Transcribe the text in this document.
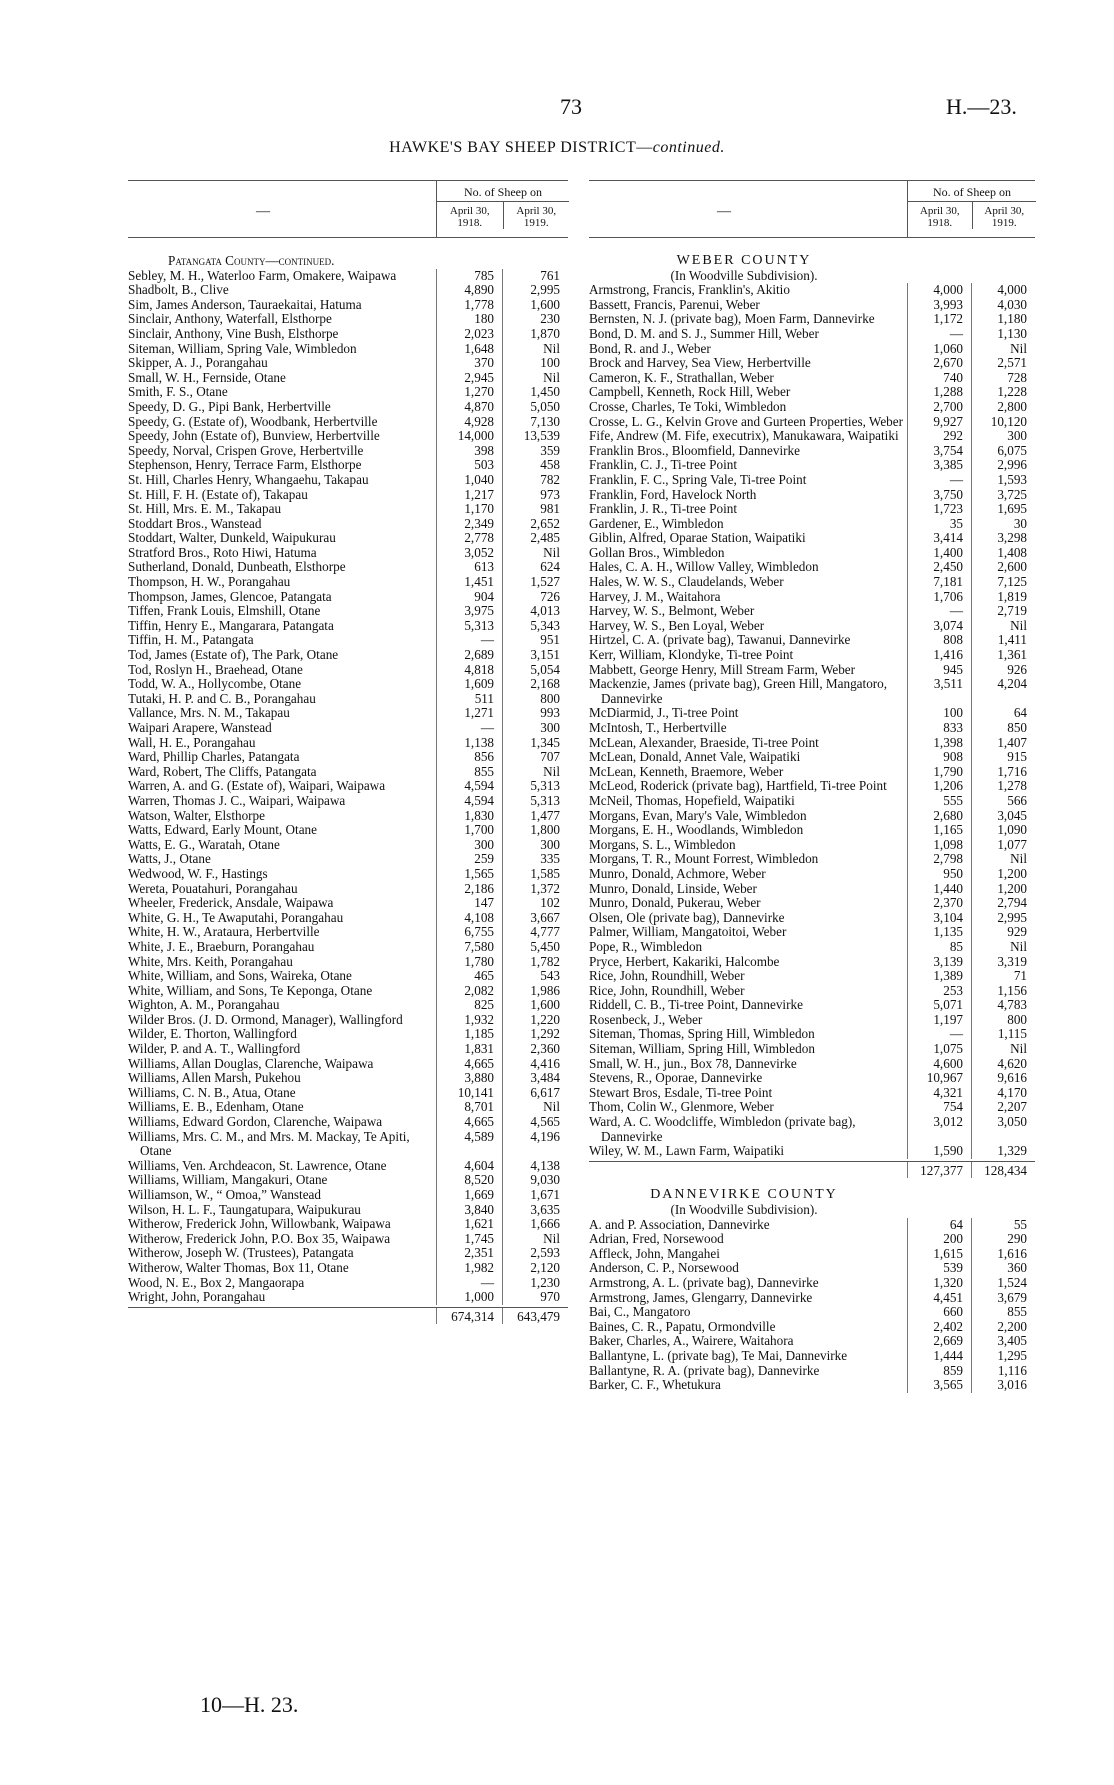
73	H.—23.
HAWKE'S BAY SHEEP DISTRICT—continued.
—
No. of Sheep on
April 30,
1918.
April 30,
1919.
Patangata County—continued.
Sebley, M. H., Waterloo Farm, Omakere, Waipawa	785	761
Shadbolt, B., Clive	4,890	2,995
Sim, James Anderson, Tauraekaitai, Hatuma	1,778	1,600
Sinclair, Anthony, Waterfall, Elsthorpe	180	230
Sinclair, Anthony, Vine Bush, Elsthorpe	2,023	1,870
Siteman, William, Spring Vale, Wimbledon	1,648	Nil
Skipper, A. J., Porangahau	370	100
Small, W. H., Fernside, Otane	2,945	Nil
Smith, F. S., Otane	1,270	1,450
Speedy, D. G., Pipi Bank, Herbertville	4,870	5,050
Speedy, G. (Estate of), Woodbank, Herbertville	4,928	7,130
Speedy, John (Estate of), Bunview, Herbertville	14,000	13,539
Speedy, Norval, Crispen Grove, Herbertville	398	359
Stephenson, Henry, Terrace Farm, Elsthorpe	503	458
St. Hill, Charles Henry, Whangaehu, Takapau	1,040	782
St. Hill, F. H. (Estate of), Takapau	1,217	973
St. Hill, Mrs. E. M., Takapau	1,170	981
Stoddart Bros., Wanstead	2,349	2,652
Stoddart, Walter, Dunkeld, Waipukurau	2,778	2,485
Stratford Bros., Roto Hiwi, Hatuma	3,052	Nil
Sutherland, Donald, Dunbeath, Elsthorpe	613	624
Thompson, H. W., Porangahau	1,451	1,527
Thompson, James, Glencoe, Patangata	904	726
Tiffen, Frank Louis, Elmshill, Otane	3,975	4,013
Tiffin, Henry E., Mangarara, Patangata	5,313	5,343
Tiffin, H. M., Patangata	—	951
Tod, James (Estate of), The Park, Otane	2,689	3,151
Tod, Roslyn H., Braehead, Otane	4,818	5,054
Todd, W. A., Hollycombe, Otane	1,609	2,168
Tutaki, H. P. and C. B., Porangahau	511	800
Vallance, Mrs. N. M., Takapau	1,271	993
Waipari Arapere, Wanstead	—	300
Wall, H. E., Porangahau	1,138	1,345
Ward, Phillip Charles, Patangata	856	707
Ward, Robert, The Cliffs, Patangata	855	Nil
Warren, A. and G. (Estate of), Waipari, Waipawa	4,594	5,313
Warren, Thomas J. C., Waipari, Waipawa	4,594	5,313
Watson, Walter, Elsthorpe	1,830	1,477
Watts, Edward, Early Mount, Otane	1,700	1,800
Watts, E. G., Waratah, Otane	300	300
Watts, J., Otane	259	335
Wedwood, W. F., Hastings	1,565	1,585
Wereta, Pouatahuri, Porangahau	2,186	1,372
Wheeler, Frederick, Ansdale, Waipawa	147	102
White, G. H., Te Awaputahi, Porangahau	4,108	3,667
White, H. W., Arataura, Herbertville	6,755	4,777
White, J. E., Braeburn, Porangahau	7,580	5,450
White, Mrs. Keith, Porangahau	1,780	1,782
White, William, and Sons, Waireka, Otane	465	543
White, William, and Sons, Te Keponga, Otane	2,082	1,986
Wighton, A. M., Porangahau	825	1,600
Wilder Bros. (J. D. Ormond, Manager), Wallingford	1,932	1,220
Wilder, E. Thorton, Wallingford	1,185	1,292
Wilder, P. and A. T., Wallingford	1,831	2,360
Williams, Allan Douglas, Clarenche, Waipawa	4,665	4,416
Williams, Allen Marsh, Pukehou	3,880	3,484
Williams, C. N. B., Atua, Otane	10,141	6,617
Williams, E. B., Edenham, Otane	8,701	Nil
Williams, Edward Gordon, Clarenche, Waipawa	4,665	4,565
Williams, Mrs. C. M., and Mrs. M. Mackay, Te Apiti, Otane
4,589	4,196
Williams, Ven. Archdeacon, St. Lawrence, Otane	4,604	4,138
Williams, William, Mangakuri, Otane	8,520	9,030
Williamson, W., “ Omoa,” Wanstead	1,669	1,671
Wilson, H. L. F., Taungatupara, Waipukurau	3,840	3,635
Witherow, Frederick John, Willowbank, Waipawa	1,621	1,666
Witherow, Frederick John, P.O. Box 35, Waipawa	1,745	Nil
Witherow, Joseph W. (Trustees), Patangata	2,351	2,593
Witherow, Walter Thomas, Box 11, Otane	1,982	2,120
Wood, N. E., Box 2, Mangaorapa	—	1,230
Wright, John, Porangahau	1,000	970
674,314	643,479
—
No. of Sheep on
April 30,
1918.
April 30,
1919.
WEBER COUNTY
(In Woodville Subdivision).
Armstrong, Francis, Franklin's, Akitio	4,000	4,000
Bassett, Francis, Parenui, Weber	3,993	4,030
Bernsten, N. J. (private bag), Moen Farm, Dannevirke	1,172	1,180
Bond, D. M. and S. J., Summer Hill, Weber	—	1,130
Bond, R. and J., Weber	1,060	Nil
Brock and Harvey, Sea View, Herbertville	2,670	2,571
Cameron, K. F., Strathallan, Weber	740	728
Campbell, Kenneth, Rock Hill, Weber	1,288	1,228
Crosse, Charles, Te Toki, Wimbledon	2,700	2,800
Crosse, L. G., Kelvin Grove and Gurteen Properties, Weber	9,927	10,120
Fife, Andrew (M. Fife, executrix), Manukawara, Waipatiki	292	300
Franklin Bros., Bloomfield, Dannevirke	3,754	6,075
Franklin, C. J., Ti-tree Point	3,385	2,996
Franklin, F. C., Spring Vale, Ti-tree Point	—	1,593
Franklin, Ford, Havelock North	3,750	3,725
Franklin, J. R., Ti-tree Point	1,723	1,695
Gardener, E., Wimbledon	35	30
Giblin, Alfred, Oparae Station, Waipatiki	3,414	3,298
Gollan Bros., Wimbledon	1,400	1,408
Hales, C. A. H., Willow Valley, Wimbledon	2,450	2,600
Hales, W. W. S., Claudelands, Weber	7,181	7,125
Harvey, J. M., Waitahora	1,706	1,819
Harvey, W. S., Belmont, Weber	—	2,719
Harvey, W. S., Ben Loyal, Weber	3,074	Nil
Hirtzel, C. A. (private bag), Tawanui, Dannevirke	808	1,411
Kerr, William, Klondyke, Ti-tree Point	1,416	1,361
Mabbett, George Henry, Mill Stream Farm, Weber	945	926
Mackenzie, James (private bag), Green Hill, Mangatoro, Dannevirke
3,511	4,204
McDiarmid, J., Ti-tree Point	100	64
McIntosh, T., Herbertville	833	850
McLean, Alexander, Braeside, Ti-tree Point	1,398	1,407
McLean, Donald, Annet Vale, Waipatiki	908	915
McLean, Kenneth, Braemore, Weber	1,790	1,716
McLeod, Roderick (private bag), Hartfield, Ti-tree Point	1,206	1,278
McNeil, Thomas, Hopefield, Waipatiki	555	566
Morgans, Evan, Mary's Vale, Wimbledon	2,680	3,045
Morgans, E. H., Woodlands, Wimbledon	1,165	1,090
Morgans, S. L., Wimbledon	1,098	1,077
Morgans, T. R., Mount Forrest, Wimbledon	2,798	Nil
Munro, Donald, Achmore, Weber	950	1,200
Munro, Donald, Linside, Weber	1,440	1,200
Munro, Donald, Pukerau, Weber	2,370	2,794
Olsen, Ole (private bag), Dannevirke	3,104	2,995
Palmer, William, Mangatoitoi, Weber	1,135	929
Pope, R., Wimbledon	85	Nil
Pryce, Herbert, Kakariki, Halcombe	3,139	3,319
Rice, John, Roundhill, Weber	1,389	71
Rice, John, Roundhill, Weber	253	1,156
Riddell, C. B., Ti-tree Point, Dannevirke	5,071	4,783
Rosenbeck, J., Weber	1,197	800
Siteman, Thomas, Spring Hill, Wimbledon	—	1,115
Siteman, William, Spring Hill, Wimbledon	1,075	Nil
Small, W. H., jun., Box 78, Dannevirke	4,600	4,620
Stevens, R., Oporae, Dannevirke	10,967	9,616
Stewart Bros, Esdale, Ti-tree Point	4,321	4,170
Thom, Colin W., Glenmore, Weber	754	2,207
Ward, A. C. Woodcliffe, Wimbledon (private bag), Dannevirke
3,012	3,050
Wiley, W. M., Lawn Farm, Waipatiki	1,590	1,329
127,377	128,434
DANNEVIRKE COUNTY
(In Woodville Subdivision).
A. and P. Association, Dannevirke	64	55
Adrian, Fred, Norsewood	200	290
Affleck, John, Mangahei	1,615	1,616
Anderson, C. P., Norsewood	539	360
Armstrong, A. L. (private bag), Dannevirke	1,320	1,524
Armstrong, James, Glengarry, Dannevirke	4,451	3,679
Bai, C., Mangatoro	660	855
Baines, C. R., Papatu, Ormondville	2,402	2,200
Baker, Charles, A., Wairere, Waitahora	2,669	3,405
Ballantyne, L. (private bag), Te Mai, Dannevirke	1,444	1,295
Ballantyne, R. A. (private bag), Dannevirke	859	1,116
Barker, C. F., Whetukura	3,565	3,016
10—H. 23.
